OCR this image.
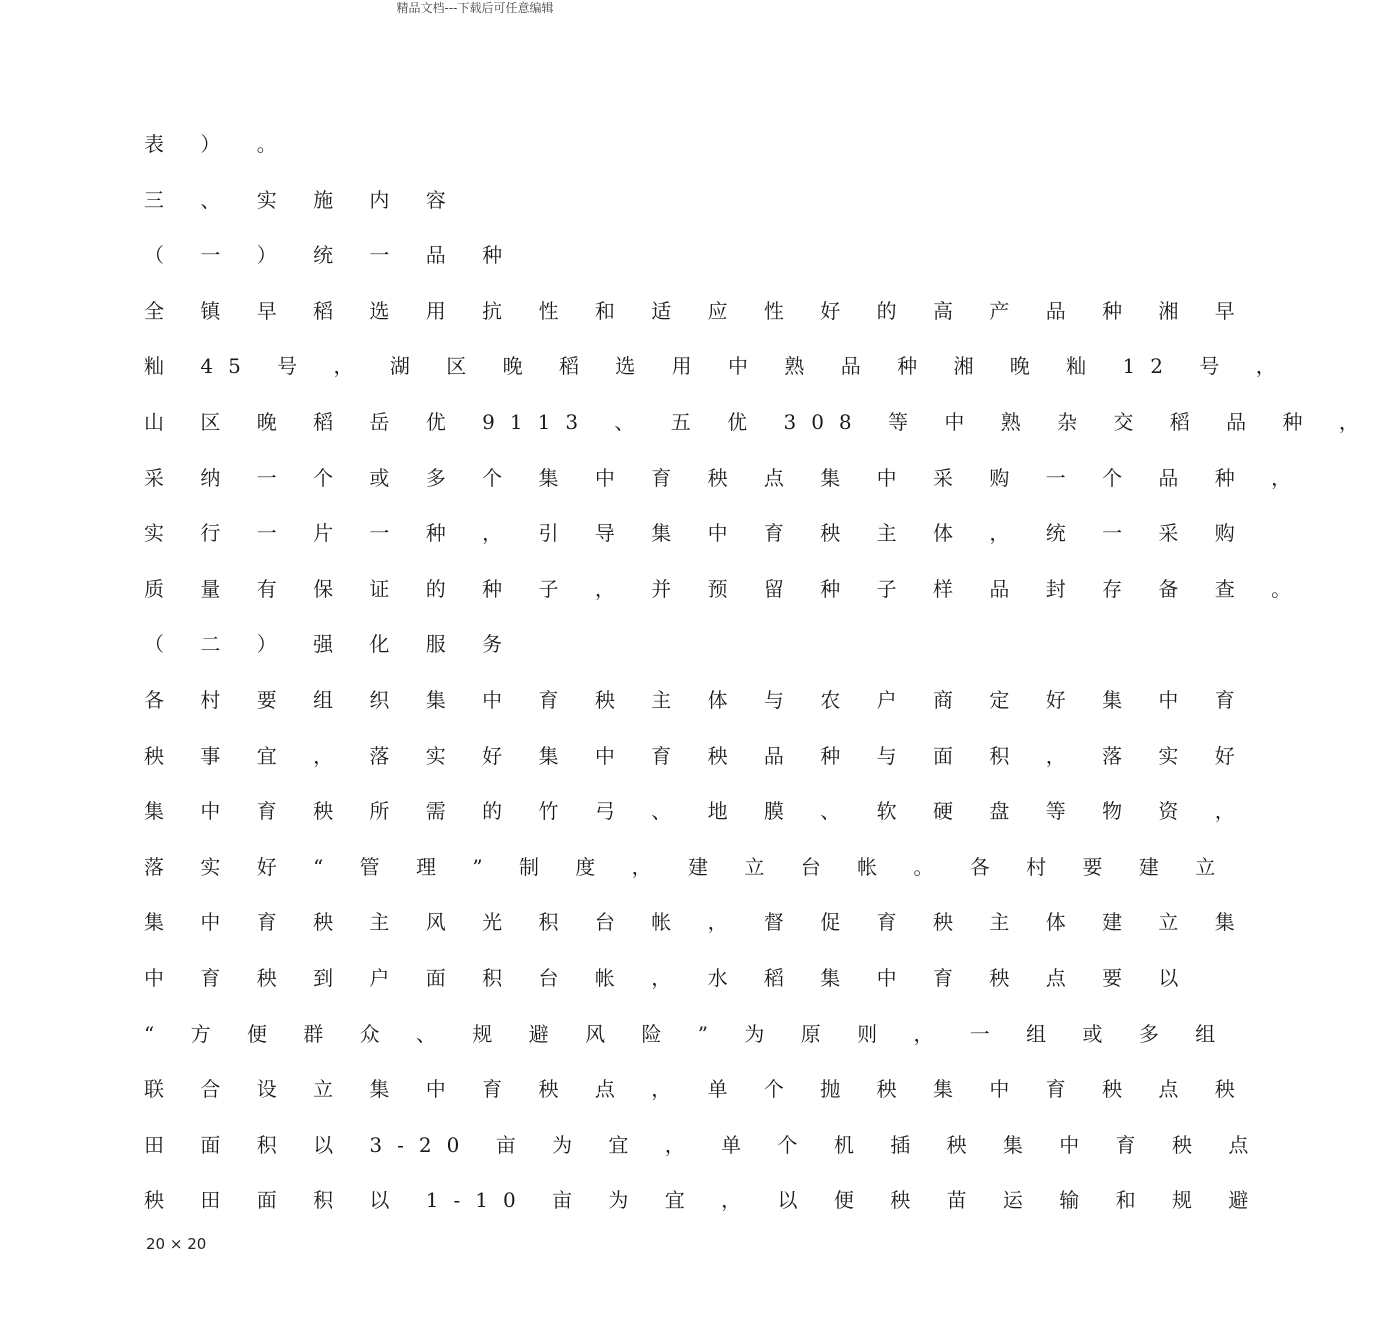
精品文档---下载后可任意编辑
表 ） 。
三 、 实 施 内 容
（ 一 ） 统 一 品 种
全 镇 早 稻 选 用 抗 性 和 适 应 性 好 的 高 产 品 种 湘 早
籼 45 号 ， 湖 区 晚 稻 选 用 中 熟 品 种 湘 晚 籼 12 号 ，
山 区 晚 稻 岳 优 9113 、 五 优 308 等 中 熟 杂 交 稻 品 种 ，
采 纳 一 个 或 多 个 集 中 育 秧 点 集 中 采 购 一 个 品 种 ，
实 行 一 片 一 种 ， 引 导 集 中 育 秧 主 体 ， 统 一 采 购
质 量 有 保 证 的 种 子 ， 并 预 留 种 子 样 品 封 存 备 查 。
（ 二 ） 强 化 服 务
各 村 要 组 织 集 中 育 秧 主 体 与 农 户 商 定 好 集 中 育
秧 事 宜 ， 落 实 好 集 中 育 秧 品 种 与 面 积 ， 落 实 好
集 中 育 秧 所 需 的 竹 弓 、 地 膜 、 软 硬 盘 等 物 资 ，
落 实 好 “ 管 理 ” 制 度 ， 建 立 台 帐 。 各 村 要 建 立
集 中 育 秧 主 风 光 积 台 帐 ， 督 促 育 秧 主 体 建 立 集
中 育 秧 到 户 面 积 台 帐 ， 水 稻 集 中 育 秧 点 要 以
“ 方 便 群 众 、 规 避 风 险 ” 为 原 则 ， 一 组 或 多 组
联 合 设 立 集 中 育 秧 点 ， 单 个 抛 秧 集 中 育 秧 点 秧
田 面 积 以 3-20 亩 为 宜 ， 单 个 机 插 秧 集 中 育 秧 点
秧 田 面 积 以 1-10 亩 为 宜 ， 以 便 秧 苗 运 输 和 规 避
20 × 20
